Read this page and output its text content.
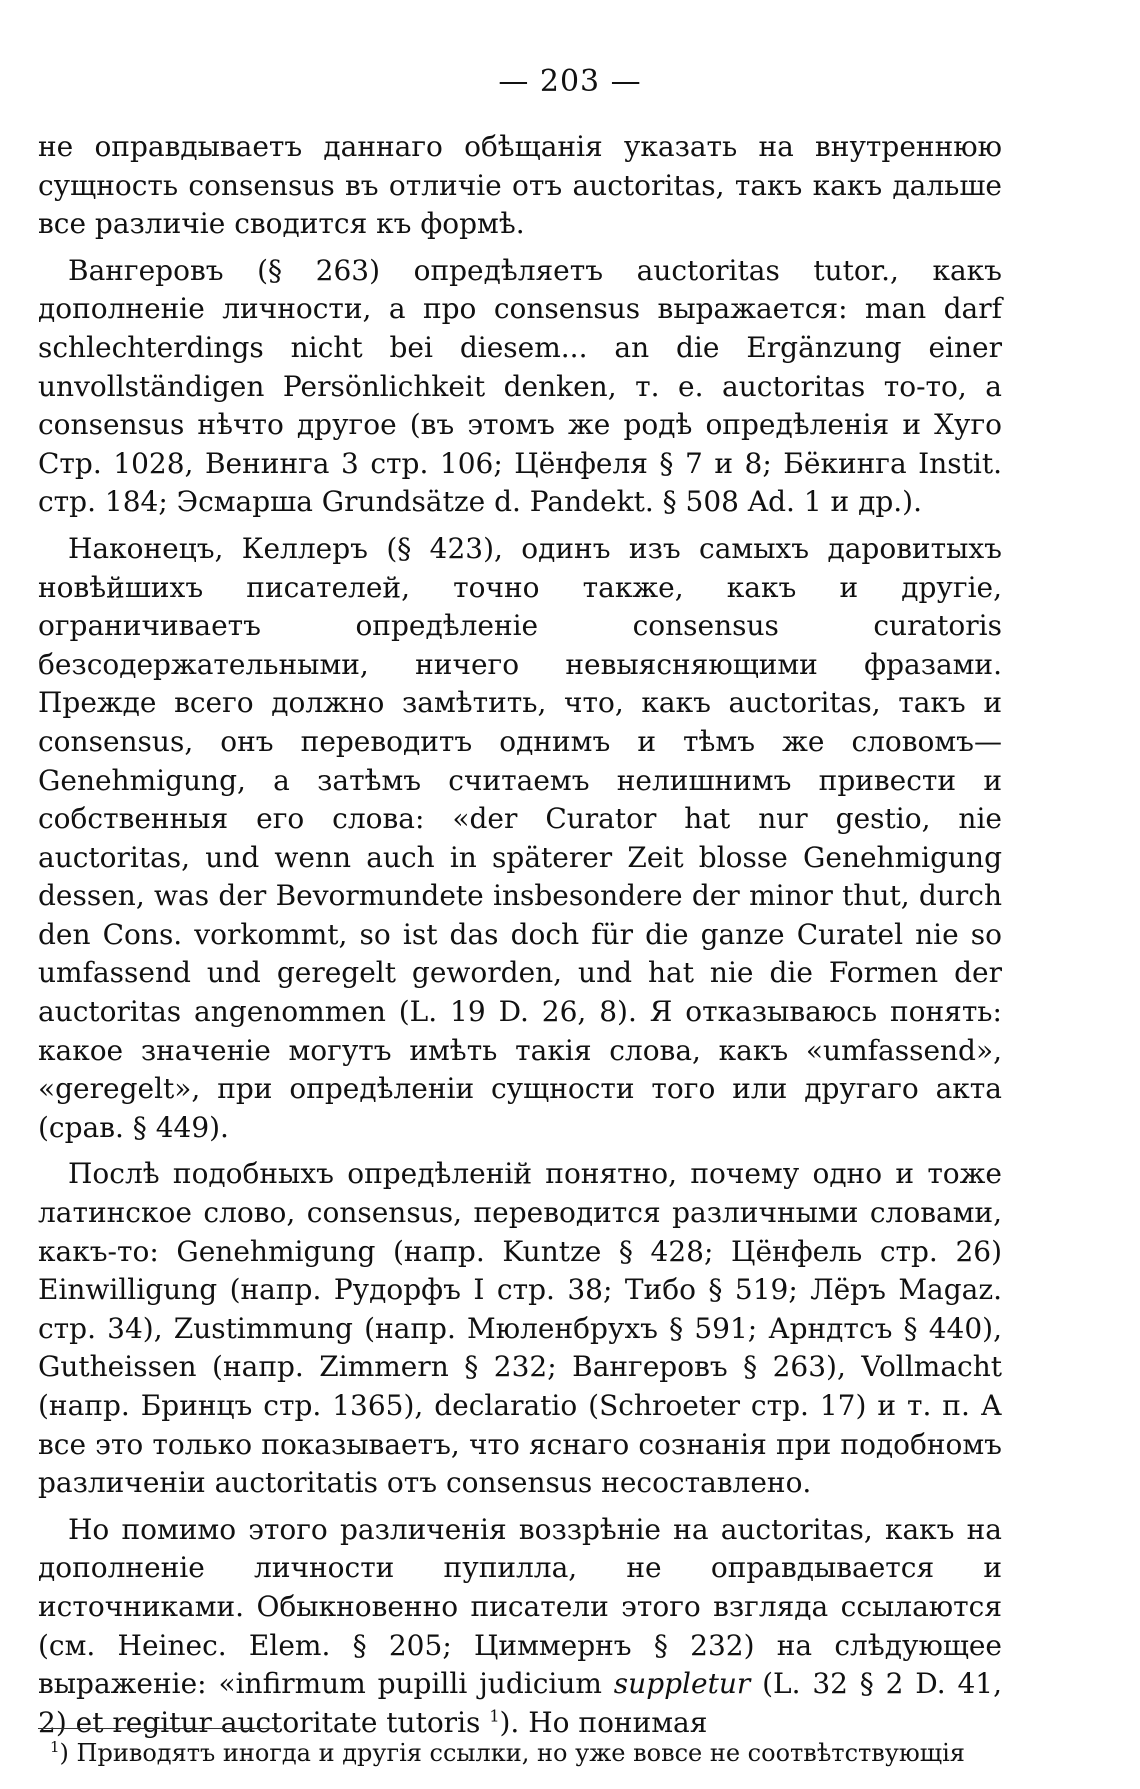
— 203 —

не оправдываетъ даннаго обѣщанія указать на внутреннюю сущность consensus въ отличіе отъ auctoritas, такъ какъ дальше все различіе сводится къ формѣ.

Вангеровъ (§ 263) опредѣляетъ auctoritas tutor., какъ дополненіе личности, а про consensus выражается: man darf schlechterdings nicht bei diesem... an die Ergänzung einer unvollständigen Persönlichkeit denken, т. е. auctoritas то-то, а consensus нѣчто другое (въ этомъ же родѣ опредѣленія и Хуго Стр. 1028, Венинга 3 стр. 106; Цёнфеля § 7 и 8; Бёкинга Instit. стр. 184; Эсмарша Grundsätze d. Pandekt. § 508 Ad. 1 и др.).

Наконецъ, Келлеръ (§ 423), одинъ изъ самыхъ даровитыхъ новѣйшихъ писателей, точно также, какъ и другіе, ограничиваетъ опредѣленіе consensus curatoris безсодержательными, ничего невыясняющими фразами. Прежде всего должно замѣтить, что, какъ auctoritas, такъ и consensus, онъ переводитъ однимъ и тѣмъ же словомъ—Genehmigung, а затѣмъ считаемъ нелишнимъ привести и собственныя его слова: «der Curator hat nur gestio, nie auctoritas, und wenn auch in späterer Zeit blosse Genehmigung dessen, was der Bevormundete insbesondere der minor thut, durch den Cons. vorkommt, so ist das doch für die ganze Curatel nie so umfassend und geregelt geworden, und hat nie die Formen der auctoritas angenommen (L. 19 D. 26, 8). Я отказываюсь понять: какое значеніе могутъ имѣть такія слова, какъ «umfassend», «geregelt», при опредѣленіи сущности того или другаго акта (срав. § 449).

Послѣ подобныхъ опредѣленій понятно, почему одно и тоже латинское слово, consensus, переводится различными словами, какъ-то: Genehmigung (напр. Kuntze § 428; Цёнфель стр. 26) Einwilligung (напр. Рудорфъ I стр. 38; Тибо § 519; Лёръ Magaz. стр. 34), Zustimmung (напр. Мюленбрухъ § 591; Арндтсъ § 440), Gutheissen (напр. Zimmern § 232; Вангеровъ § 263), Vollmacht (напр. Бринцъ стр. 1365), declaratio (Schroeter стр. 17) и т. п. А все это только показываетъ, что яснаго сознанія при подобномъ различеніи auctoritatis отъ consensus несоставлено.

Но помимо этого различенія воззрѣніе на auctoritas, какъ на дополненіе личности пупилла, не оправдывается и источниками. Обыкновенно писатели этого взгляда ссылаются (см. Heinec. Elem. § 205; Циммернъ § 232) на слѣдующее выраженіе: «infirmum pupilli judicium suppletur (L. 32 § 2 D. 41, 2) et regitur auctoritate tutoris $^1$). Но понимая

$^1$) Приводятъ иногда и другія ссылки, но уже вовсе не соотвѣтствующія
